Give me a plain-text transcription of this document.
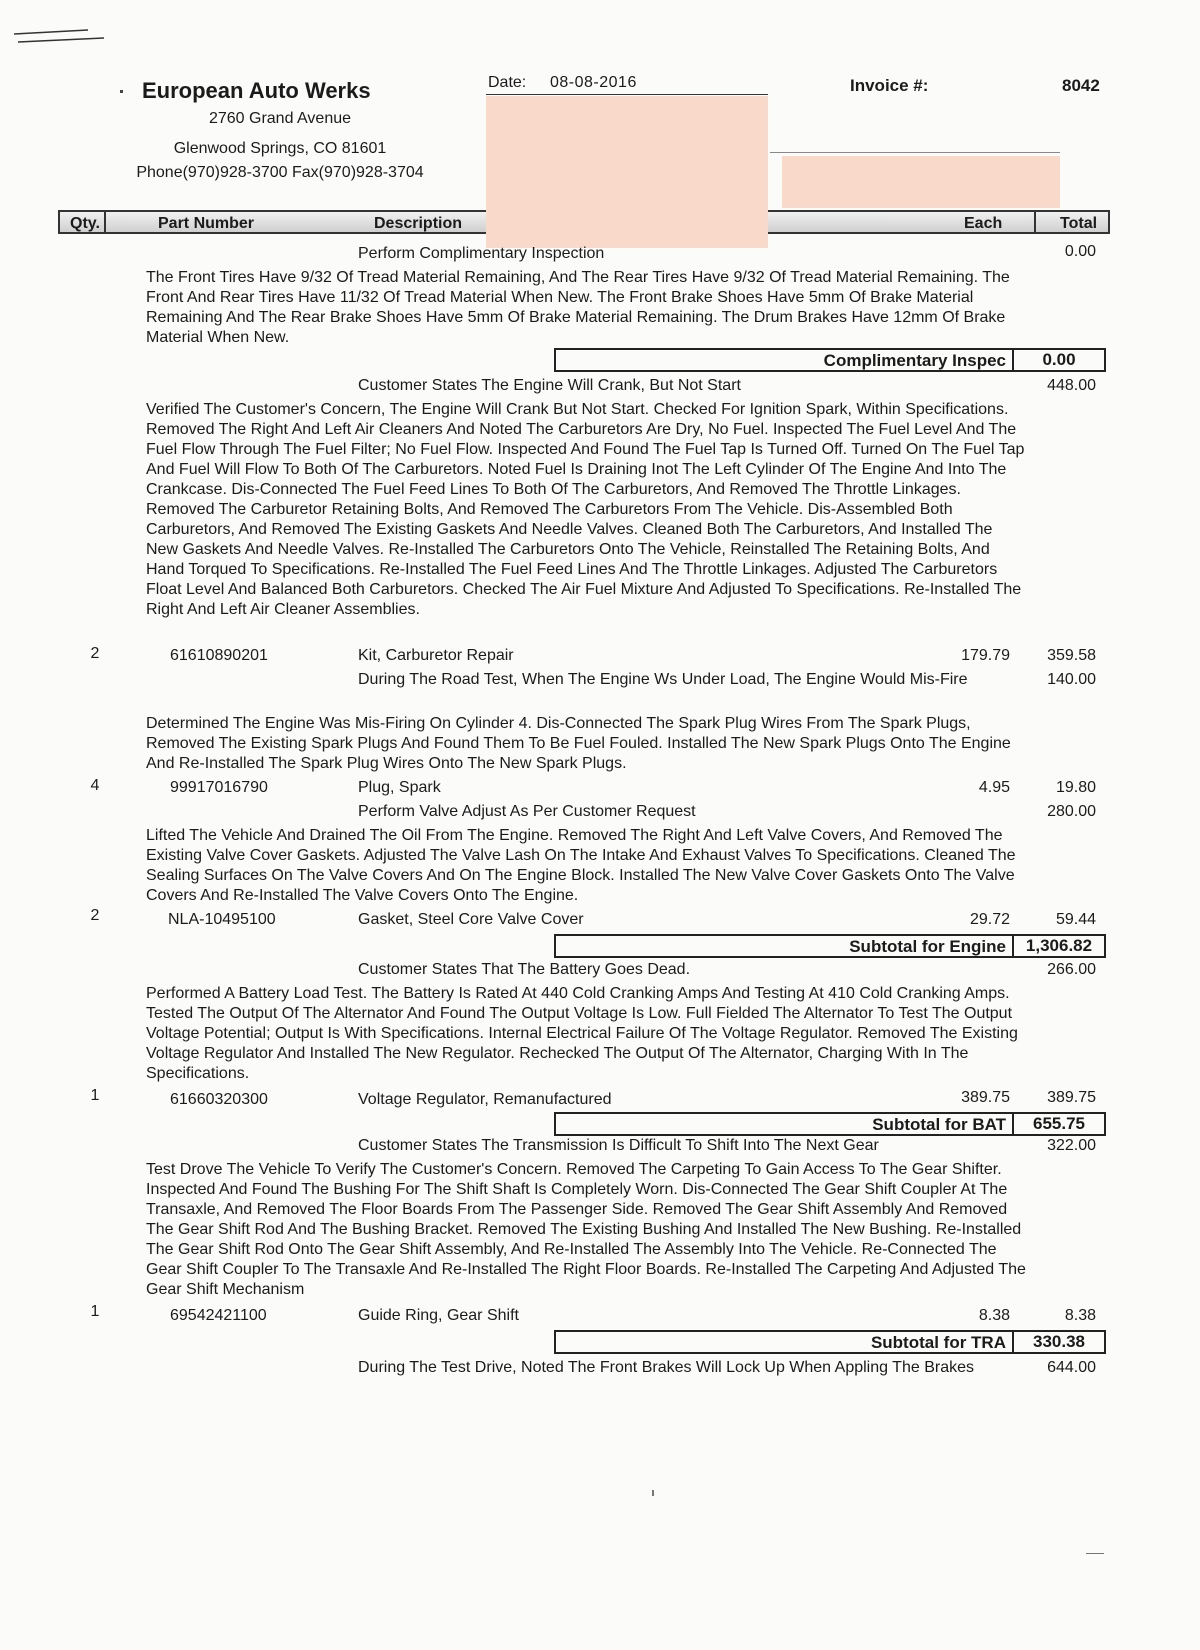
European Auto Werks
2760 Grand Avenue
Glenwood Springs, CO 81601
Phone(970)928-3700 Fax(970)928-3704
Date: 08-08-2016	Invoice #:	8042
Qty.	Part Number	Description	Each	Total
Perform Complimentary Inspection	0.00
The Front Tires Have 9/32 Of Tread Material Remaining, And The Rear Tires Have 9/32 Of Tread Material Remaining. The Front And Rear Tires Have 11/32 Of Tread Material When New. The Front Brake Shoes Have 5mm Of Brake Material Remaining And The Rear Brake Shoes Have 5mm Of Brake Material Remaining. The Drum Brakes Have 12mm Of Brake Material When New.
Complimentary Inspec	0.00
Customer States The Engine Will Crank, But Not Start	448.00
Verified The Customer's Concern, The Engine Will Crank But Not Start. Checked For Ignition Spark, Within Specifications. Removed The Right And Left Air Cleaners And Noted The Carburetors Are Dry, No Fuel. Inspected The Fuel Level And The Fuel Flow Through The Fuel Filter; No Fuel Flow. Inspected And Found The Fuel Tap Is Turned Off. Turned On The Fuel Tap And Fuel Will Flow To Both Of The Carburetors. Noted Fuel Is Draining Inot The Left Cylinder Of The Engine And Into The Crankcase. Dis-Connected The Fuel Feed Lines To Both Of The Carburetors, And Removed The Throttle Linkages. Removed The Carburetor Retaining Bolts, And Removed The Carburetors From The Vehicle. Dis-Assembled Both Carburetors, And Removed The Existing Gaskets And Needle Valves. Cleaned Both The Carburetors, And Installed The New Gaskets And Needle Valves. Re-Installed The Carburetors Onto The Vehicle, Reinstalled The Retaining Bolts, And Hand Torqued To Specifications. Re-Installed The Fuel Feed Lines And The Throttle Linkages. Adjusted The Carburetors Float Level And Balanced Both Carburetors. Checked The Air Fuel Mixture And Adjusted To Specifications. Re-Installed The Right And Left Air Cleaner Assemblies.
2	61610890201	Kit, Carburetor Repair	179.79	359.58
During The Road Test, When The Engine Ws Under Load, The Engine Would Mis-Fire	140.00
Determined The Engine Was Mis-Firing On Cylinder 4. Dis-Connected The Spark Plug Wires From The Spark Plugs, Removed The Existing Spark Plugs And Found Them To Be Fuel Fouled. Installed The New Spark Plugs Onto The Engine And Re-Installed The Spark Plug Wires Onto The New Spark Plugs.
4	99917016790	Plug, Spark	4.95	19.80
Perform Valve Adjust As Per Customer Request	280.00
Lifted The Vehicle And Drained The Oil From The Engine. Removed The Right And Left Valve Covers, And Removed The Existing Valve Cover Gaskets. Adjusted The Valve Lash On The Intake And Exhaust Valves To Specifications. Cleaned The Sealing Surfaces On The Valve Covers And On The Engine Block. Installed The New Valve Cover Gaskets Onto The Valve Covers And Re-Installed The Valve Covers Onto The Engine.
2	NLA-10495100	Gasket, Steel Core Valve Cover	29.72	59.44
Subtotal for Engine	1,306.82
Customer States That The Battery Goes Dead.	266.00
Performed A Battery Load Test. The Battery Is Rated At 440 Cold Cranking Amps And Testing At 410 Cold Cranking Amps. Tested The Output Of The Alternator And Found The Output Voltage Is Low. Full Fielded The Alternator To Test The Output Voltage Potential; Output Is With Specifications. Internal Electrical Failure Of The Voltage Regulator. Removed The Existing Voltage Regulator And Installed The New Regulator. Rechecked The Output Of The Alternator, Charging With In The Specifications.
1	61660320300	Voltage Regulator, Remanufactured	389.75	389.75
Subtotal for BAT	655.75
Customer States The Transmission Is Difficult To Shift Into The Next Gear	322.00
Test Drove The Vehicle To Verify The Customer's Concern. Removed The Carpeting To Gain Access To The Gear Shifter. Inspected And Found The Bushing For The Shift Shaft Is Completely Worn. Dis-Connected The Gear Shift Coupler At The Transaxle, And Removed The Floor Boards From The Passenger Side. Removed The Gear Shift Assembly And Removed The Gear Shift Rod And The Bushing Bracket. Removed The Existing Bushing And Installed The New Bushing. Re-Installed The Gear Shift Rod Onto The Gear Shift Assembly, And Re-Installed The Assembly Into The Vehicle. Re-Connected The Gear Shift Coupler To The Transaxle And Re-Installed The Right Floor Boards. Re-Installed The Carpeting And Adjusted The Gear Shift Mechanism
1	69542421100	Guide Ring, Gear Shift	8.38	8.38
Subtotal for TRA	330.38
During The Test Drive, Noted The Front Brakes Will Lock Up When Appling The Brakes	644.00
